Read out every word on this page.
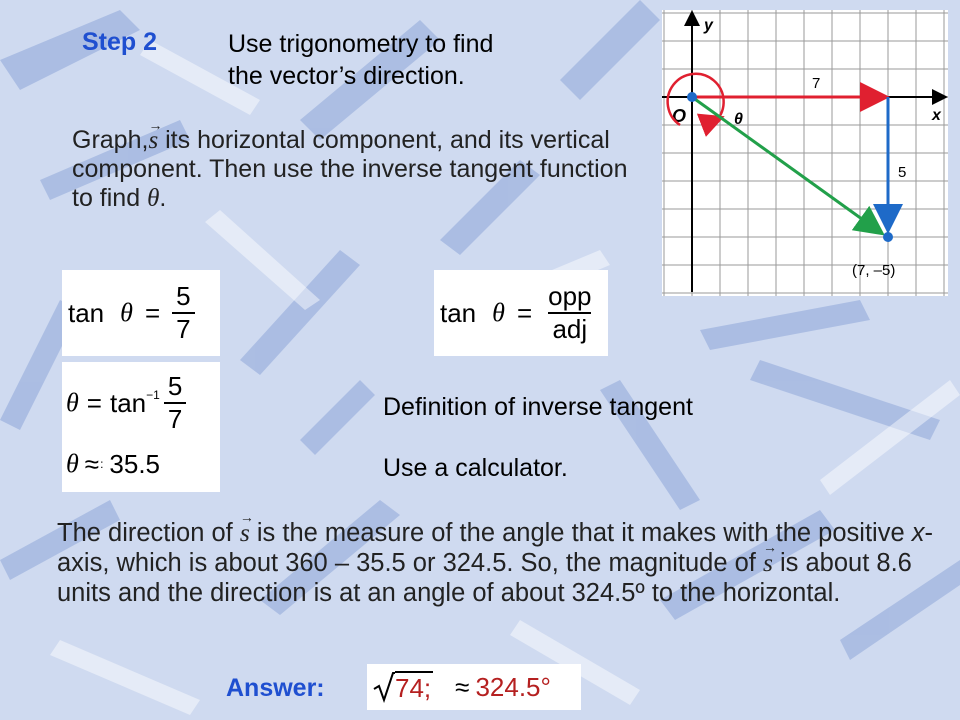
Step 2	Use trigonometry to find
the vector’s direction.
Graph,→ s its horizontal component, and its vertical component. Then use the inverse tangent function to find θ.
$\tan \theta = \frac{5}{7}$	$\tan \theta = \frac{\text{opp}}{\text{adj}}$
$\theta = \tan^{-1} \frac{5}{7}$
θ ≈ : 35.5
Definition of inverse tangent
Use a calculator.
The direction of → s is the measure of the angle that it makes with the positive x-axis, which is about 360 – 35.5 or 324.5. So, the magnitude of → s is about 8.6 units and the direction is at an angle of about 324.5º to the horizontal.
Answer:	74; ≈ 324.5°
y
x
O	θ
7
5
(7, –5)
